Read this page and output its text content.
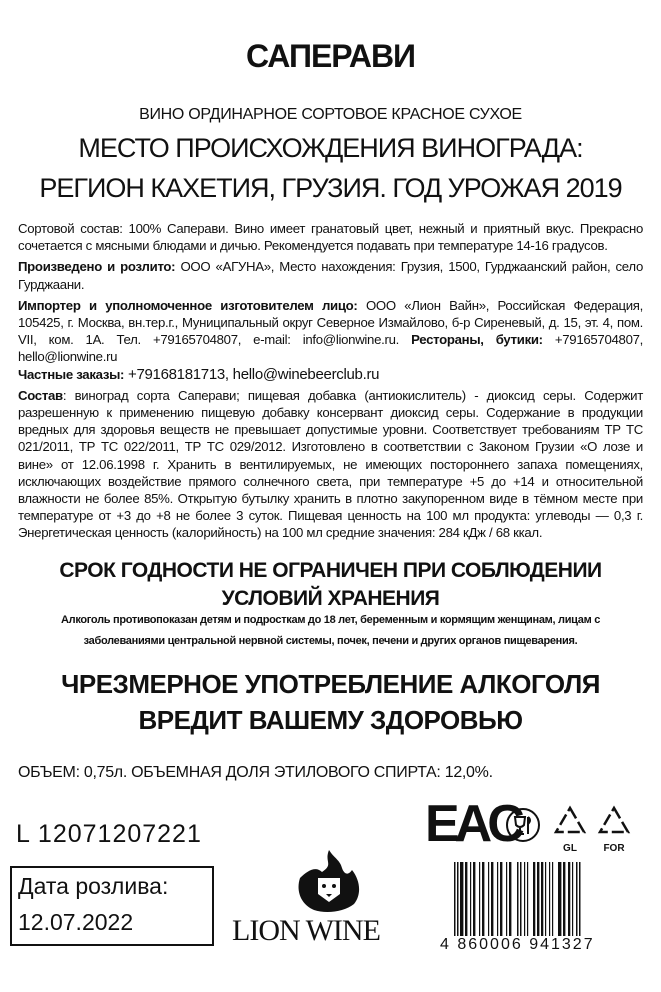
САПЕРАВИ
ВИНО ОРДИНАРНОЕ СОРТОВОЕ КРАСНОЕ СУХОЕ
МЕСТО ПРОИСХОЖДЕНИЯ ВИНОГРАДА:
РЕГИОН КАХЕТИЯ, ГРУЗИЯ. ГОД УРОЖАЯ 2019
Сортовой состав: 100% Саперави. Вино имеет гранатовый цвет, нежный и приятный вкус. Прекрасно сочетается с мясными блюдами и дичью. Рекомендуется подавать при температуре 14-16 градусов.
Произведено и розлито: ООО «АГУНА», Место нахождения: Грузия, 1500, Гурджаанский район, село Гурджаани.
Импортер и уполномоченное изготовителем лицо: ООО «Лион Вайн», Российская Федерация, 105425, г. Москва, вн.тер.г., Муниципальный округ Северное Измайлово, б-р Сиреневый, д. 15, эт. 4, пом. VII, ком. 1А. Тел. +79165704807, e-mail: info@lionwine.ru. Рестораны, бутики: +79165704807, hello@lionwine.ru
Частные заказы: +79168181713, hello@winebeerclub.ru
Состав: виноград сорта Саперави; пищевая добавка (антиокислитель) - диоксид серы. Содержит разрешенную к применению пищевую добавку консервант диоксид серы. Содержание в продукции вредных для здоровья веществ не превышает допустимые уровни. Соответствует требованиям ТР ТС 021/2011, ТР ТС 022/2011, ТР ТС 029/2012. Изготовлено в соответствии с Законом Грузии «О лозе и вине» от 12.06.1998 г. Хранить в вентилируемых, не имеющих постороннего запаха помещениях, исключающих воздействие прямого солнечного света, при температуре +5 до +14 и относительной влажности не более 85%. Открытую бутылку хранить в плотно закупоренном виде в тёмном месте при температуре от +3 до +8 не более 3 суток. Пищевая ценность на 100 мл продукта: углеводы — 0,3 г. Энергетическая ценность (калорийность) на 100 мл средние значения: 284 кДж / 68 ккал.
СРОК ГОДНОСТИ НЕ ОГРАНИЧЕН ПРИ СОБЛЮДЕНИИ
УСЛОВИЙ ХРАНЕНИЯ
Алкоголь противопоказан детям и подросткам до 18 лет, беременным и кормящим женщинам, лицам с
заболеваниями центральной нервной системы, почек, печени и других органов пищеварения.
ЧРЕЗМЕРНОЕ УПОТРЕБЛЕНИЕ АЛКОГОЛЯ
ВРЕДИТ ВАШЕМУ ЗДОРОВЬЮ
ОБЪЕМ: 0,75л. ОБЪЕМНАЯ ДОЛЯ ЭТИЛОВОГО СПИРТА: 12,0%.
L 12071207221
Дата розлива:
12.07.2022	LION WINE
EAC	GL	FOR
4 860006 941327
